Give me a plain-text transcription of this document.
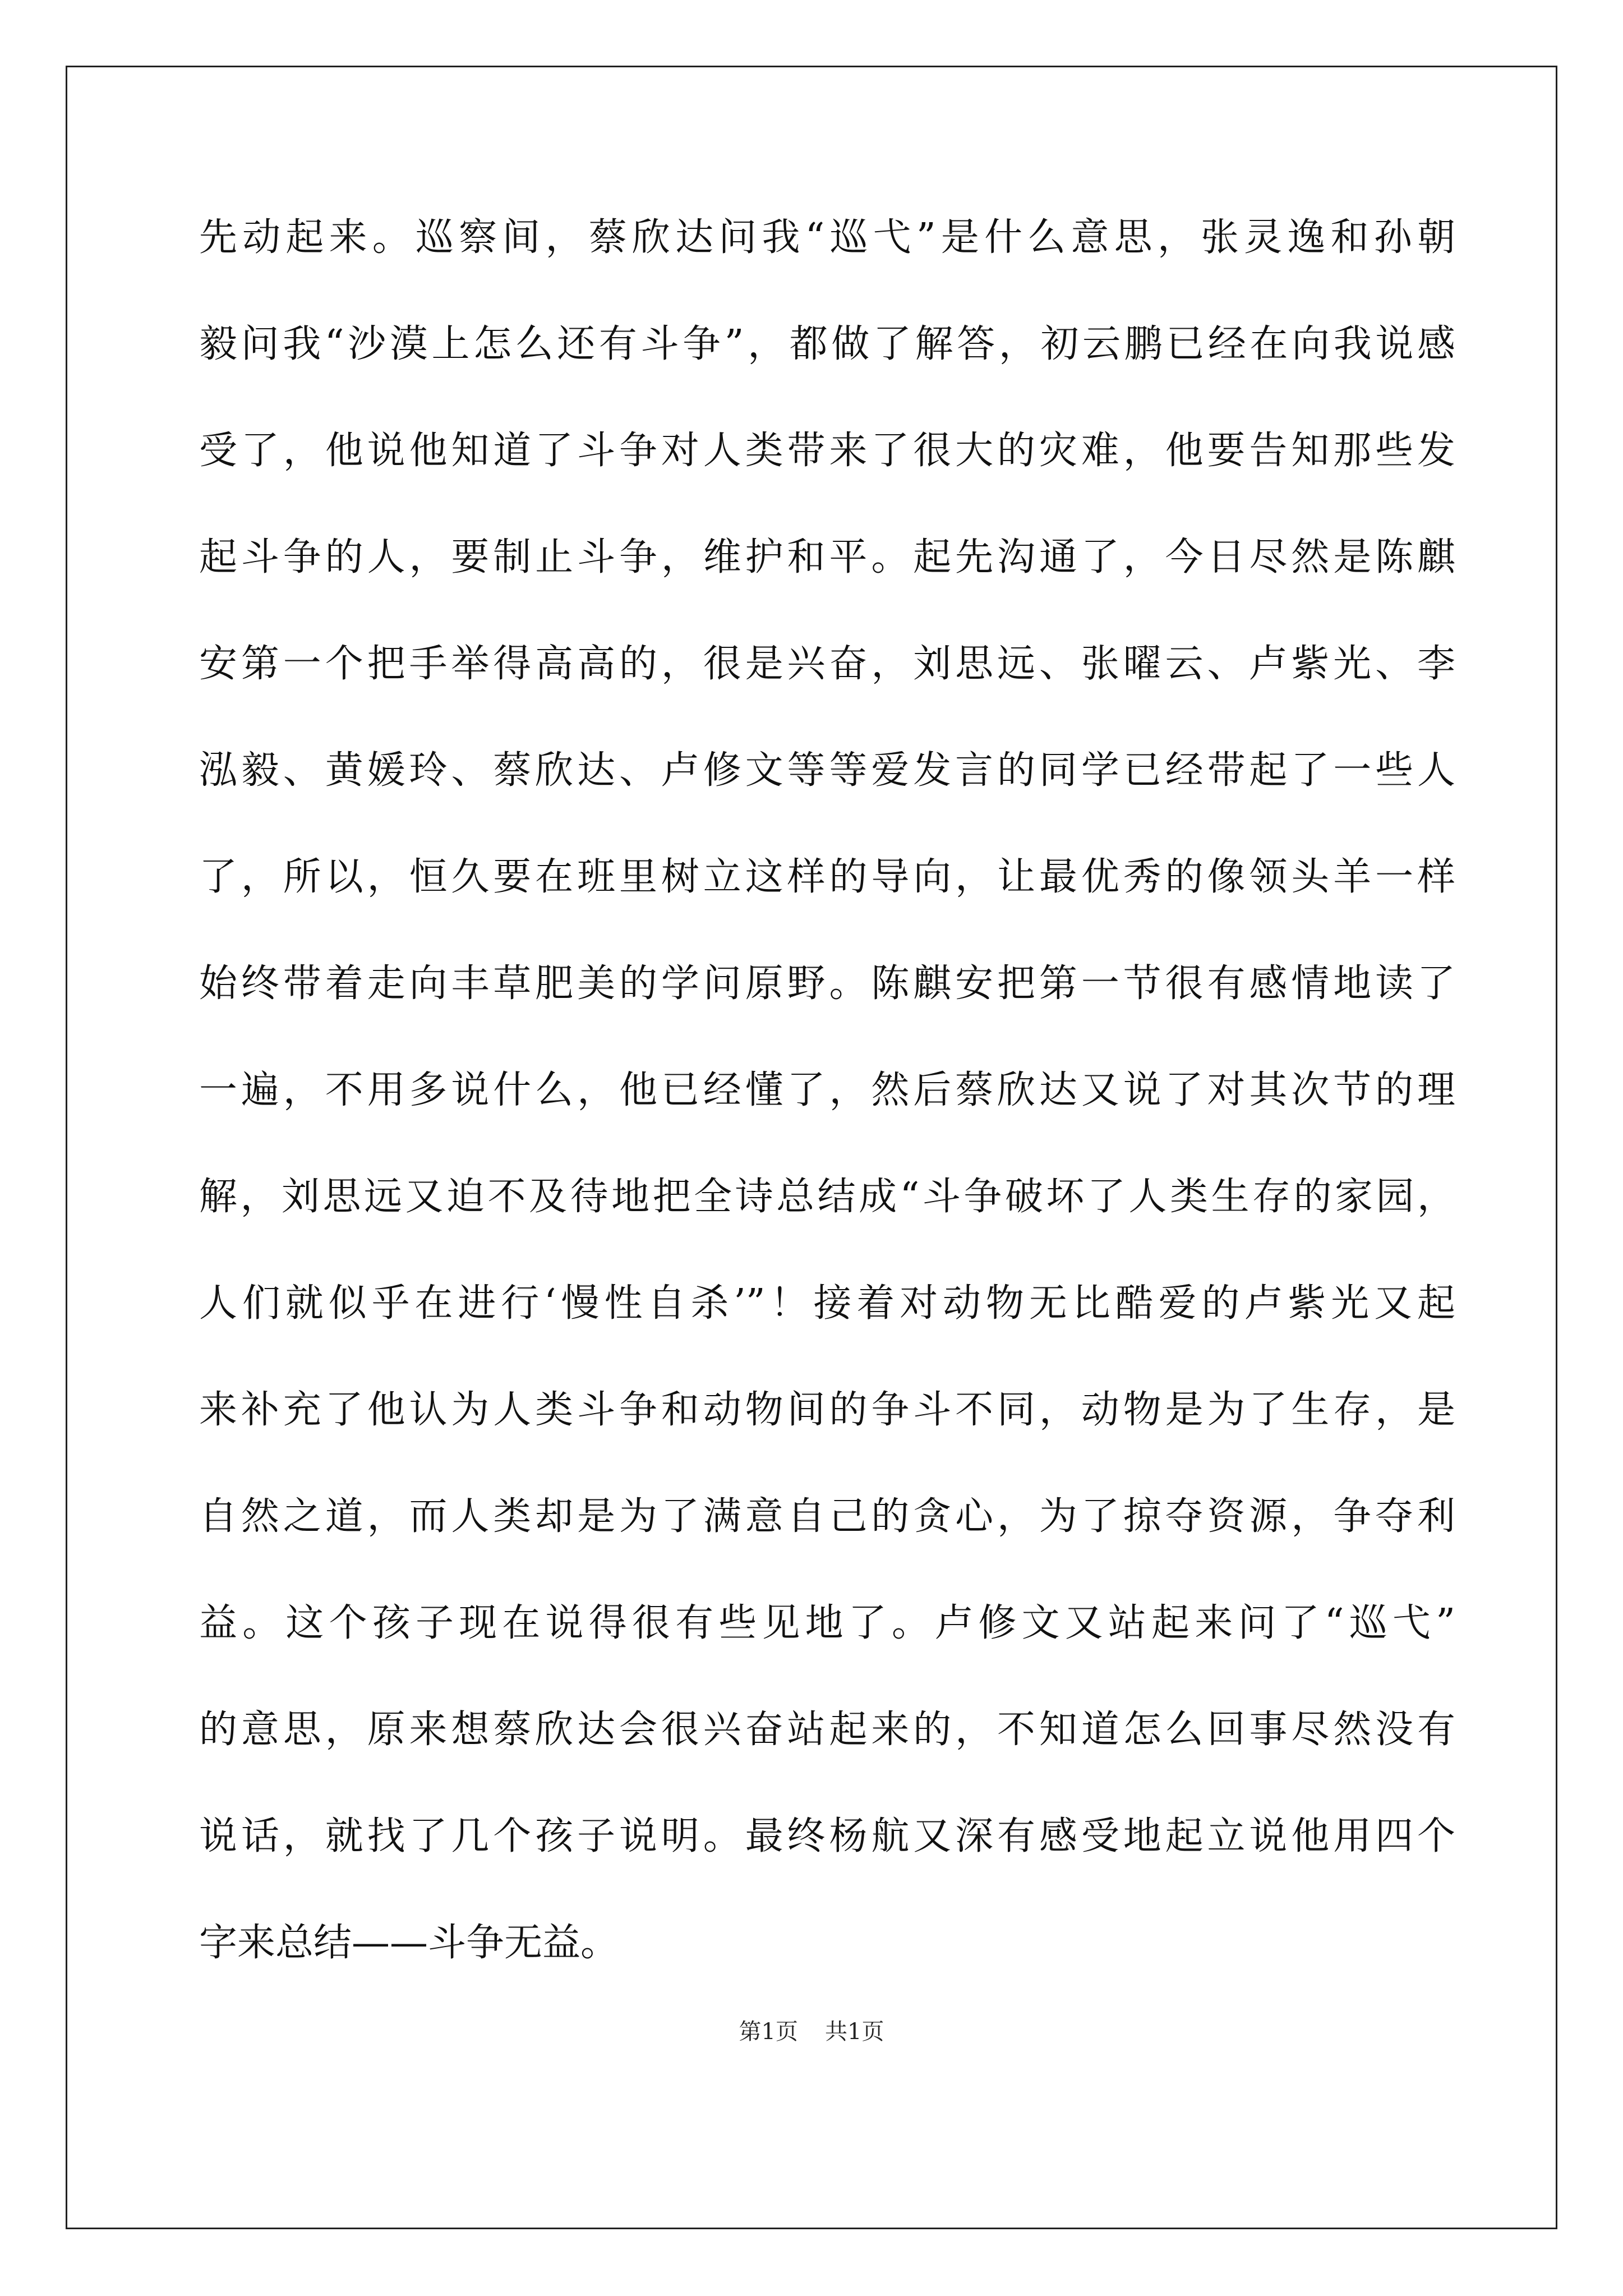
先动起来。巡察间，蔡欣达问我“巡弋”是什么意思，张灵逸和孙朝
毅问我“沙漠上怎么还有斗争”，都做了解答，初云鹏已经在向我说感
受了，他说他知道了斗争对人类带来了很大的灾难，他要告知那些发
起斗争的人，要制止斗争，维护和平。起先沟通了，今日尽然是陈麒
安第一个把手举得高高的，很是兴奋，刘思远、张曜云、卢紫光、李
泓毅、黄媛玲、蔡欣达、卢修文等等爱发言的同学已经带起了一些人
了，所以，恒久要在班里树立这样的导向，让最优秀的像领头羊一样
始终带着走向丰草肥美的学问原野。陈麒安把第一节很有感情地读了
一遍，不用多说什么，他已经懂了，然后蔡欣达又说了对其次节的理
解，刘思远又迫不及待地把全诗总结成“斗争破坏了人类生存的家园，
人们就似乎在进行‘慢性自杀’”！接着对动物无比酷爱的卢紫光又起
来补充了他认为人类斗争和动物间的争斗不同，动物是为了生存，是
自然之道，而人类却是为了满意自己的贪心，为了掠夺资源，争夺利
益。这个孩子现在说得很有些见地了。卢修文又站起来问了“巡弋”
的意思，原来想蔡欣达会很兴奋站起来的，不知道怎么回事尽然没有
说话，就找了几个孩子说明。最终杨航又深有感受地起立说他用四个
字来总结——斗争无益。
第1页 共1页
